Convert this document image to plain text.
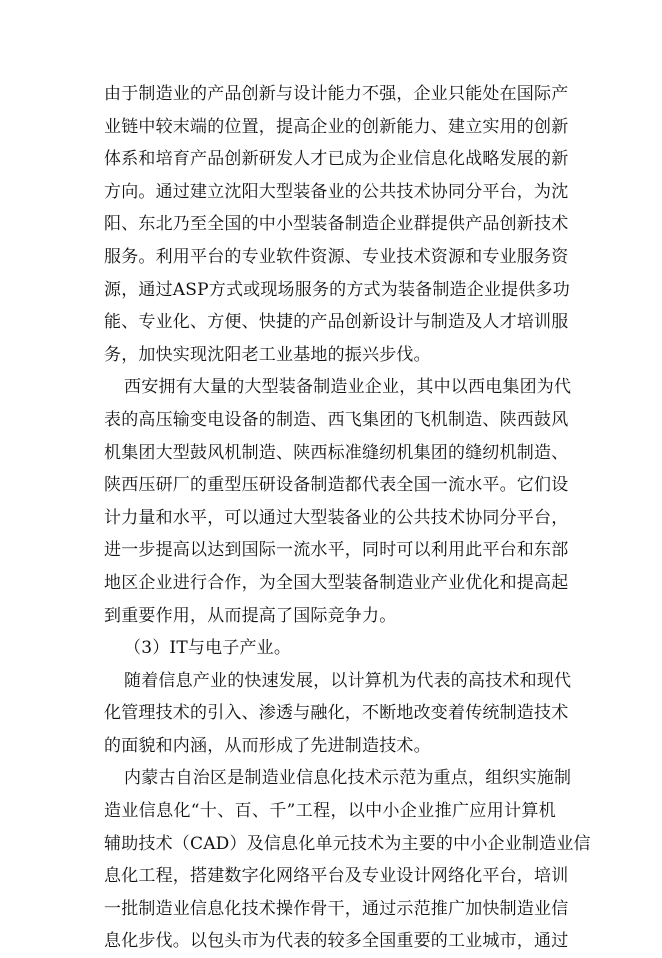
由于制造业的产品创新与设计能力不强，企业只能处在国际产
业链中较末端的位置，提高企业的创新能力、建立实用的创新
体系和培育产品创新研发人才已成为企业信息化战略发展的新
方向。通过建立沈阳大型装备业的公共技术协同分平台，为沈
阳、东北乃至全国的中小型装备制造企业群提供产品创新技术
服务。利用平台的专业软件资源、专业技术资源和专业服务资
源，通过ASP方式或现场服务的方式为装备制造企业提供多功
能、专业化、方便、快捷的产品创新设计与制造及人才培训服
务，加快实现沈阳老工业基地的振兴步伐。
西安拥有大量的大型装备制造业企业，其中以西电集团为代
表的高压输变电设备的制造、西飞集团的飞机制造、陕西鼓风
机集团大型鼓风机制造、陕西标准缝纫机集团的缝纫机制造、
陕西压研厂的重型压研设备制造都代表全国一流水平。它们设
计力量和水平，可以通过大型装备业的公共技术协同分平台，
进一步提高以达到国际一流水平，同时可以利用此平台和东部
地区企业进行合作，为全国大型装备制造业产业优化和提高起
到重要作用，从而提高了国际竞争力。
（3）IT与电子产业。
随着信息产业的快速发展，以计算机为代表的高技术和现代
化管理技术的引入、渗透与融化，不断地改变着传统制造技术
的面貌和内涵，从而形成了先进制造技术。
内蒙古自治区是制造业信息化技术示范为重点，组织实施制
造业信息化“十、百、千”工程，以中小企业推广应用计算机
辅助技术（CAD）及信息化单元技术为主要的中小企业制造业信
息化工程，搭建数字化网络平台及专业设计网络化平台，培训
一批制造业信息化技术操作骨干，通过示范推广加快制造业信
息化步伐。以包头市为代表的较多全国重要的工业城市，通过
